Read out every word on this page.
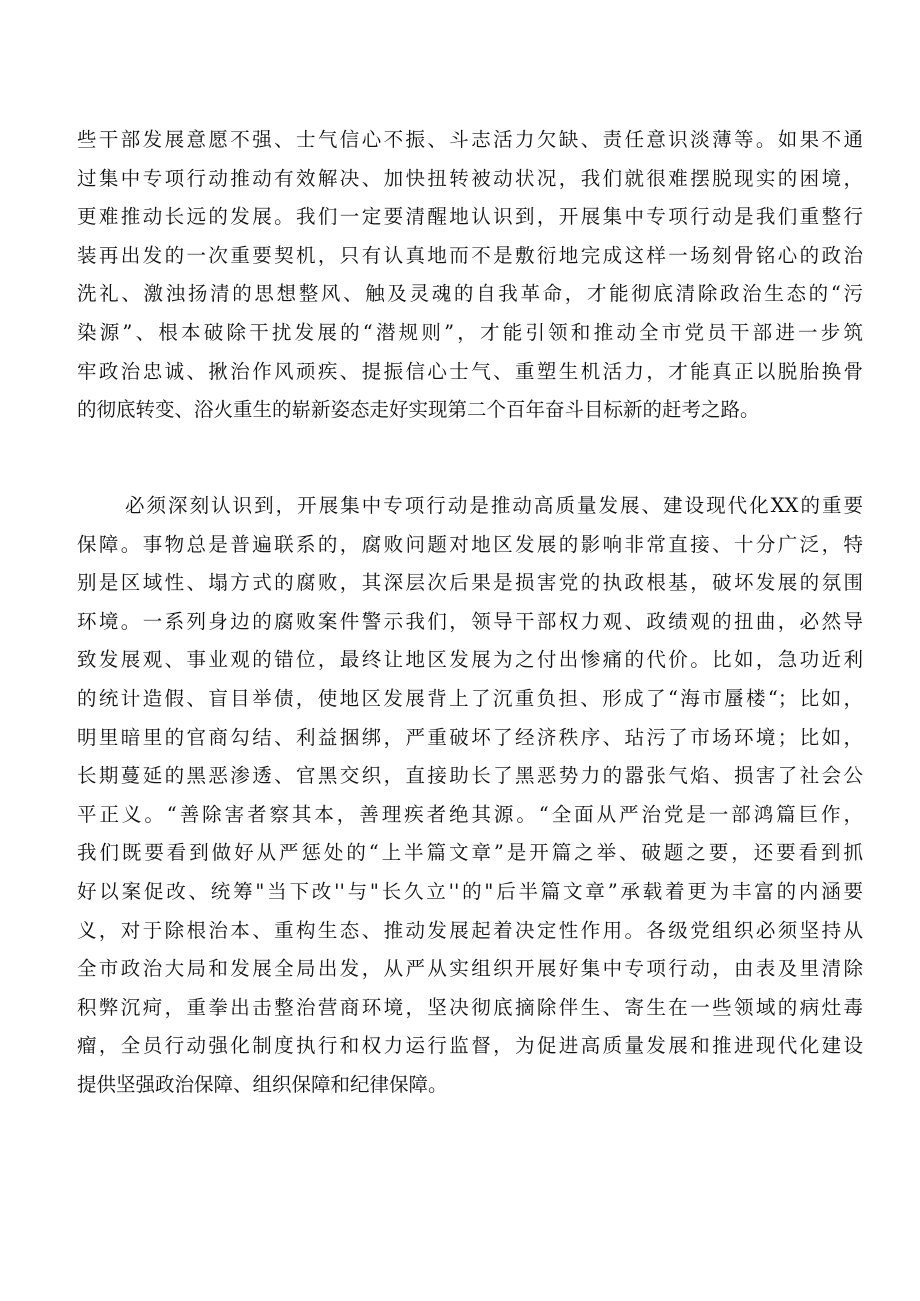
些干部发展意愿不强、士气信心不振、斗志活力欠缺、责任意识淡薄等。如果不通
过集中专项行动推动有效解决、加快扭转被动状况，我们就很难摆脱现实的困境，
更难推动长远的发展。我们一定要清醒地认识到，开展集中专项行动是我们重整行
装再出发的一次重要契机，只有认真地而不是敷衍地完成这样一场刻骨铭心的政治
洗礼、激浊扬清的思想整风、触及灵魂的自我革命，才能彻底清除政治生态的“污
染源”、根本破除干扰发展的“潜规则”，才能引领和推动全市党员干部进一步筑
牢政治忠诚、揪治作风顽疾、提振信心士气、重塑生机活力，才能真正以脱胎换骨
的彻底转变、浴火重生的崭新姿态走好实现第二个百年奋斗目标新的赶考之路。
必须深刻认识到，开展集中专项行动是推动高质量发展、建设现代化XX的重要
保障。事物总是普遍联系的，腐败问题对地区发展的影响非常直接、十分广泛，特
别是区域性、塌方式的腐败，其深层次后果是损害党的执政根基，破坏发展的氛围
环境。一系列身边的腐败案件警示我们，领导干部权力观、政绩观的扭曲，必然导
致发展观、事业观的错位，最终让地区发展为之付出惨痛的代价。比如，急功近利
的统计造假、盲目举债，使地区发展背上了沉重负担、形成了“海市蜃楼“；比如，
明里暗里的官商勾结、利益捆绑，严重破坏了经济秩序、玷污了市场环境；比如，
长期蔓延的黑恶渗透、官黑交织，直接助长了黑恶势力的嚣张气焰、损害了社会公
平正义。“善除害者察其本，善理疾者绝其源。“全面从严治党是一部鸿篇巨作，
我们既要看到做好从严惩处的“上半篇文章”是开篇之举、破题之要，还要看到抓
好以案促改、统筹"当下改''与"长久立''的"后半篇文章”承载着更为丰富的内涵要
义，对于除根治本、重构生态、推动发展起着决定性作用。各级党组织必须坚持从
全市政治大局和发展全局出发，从严从实组织开展好集中专项行动，由表及里清除
积弊沉疴，重拳出击整治营商环境，坚决彻底摘除伴生、寄生在一些领域的病灶毒
瘤，全员行动强化制度执行和权力运行监督，为促进高质量发展和推进现代化建设
提供坚强政治保障、组织保障和纪律保障。
